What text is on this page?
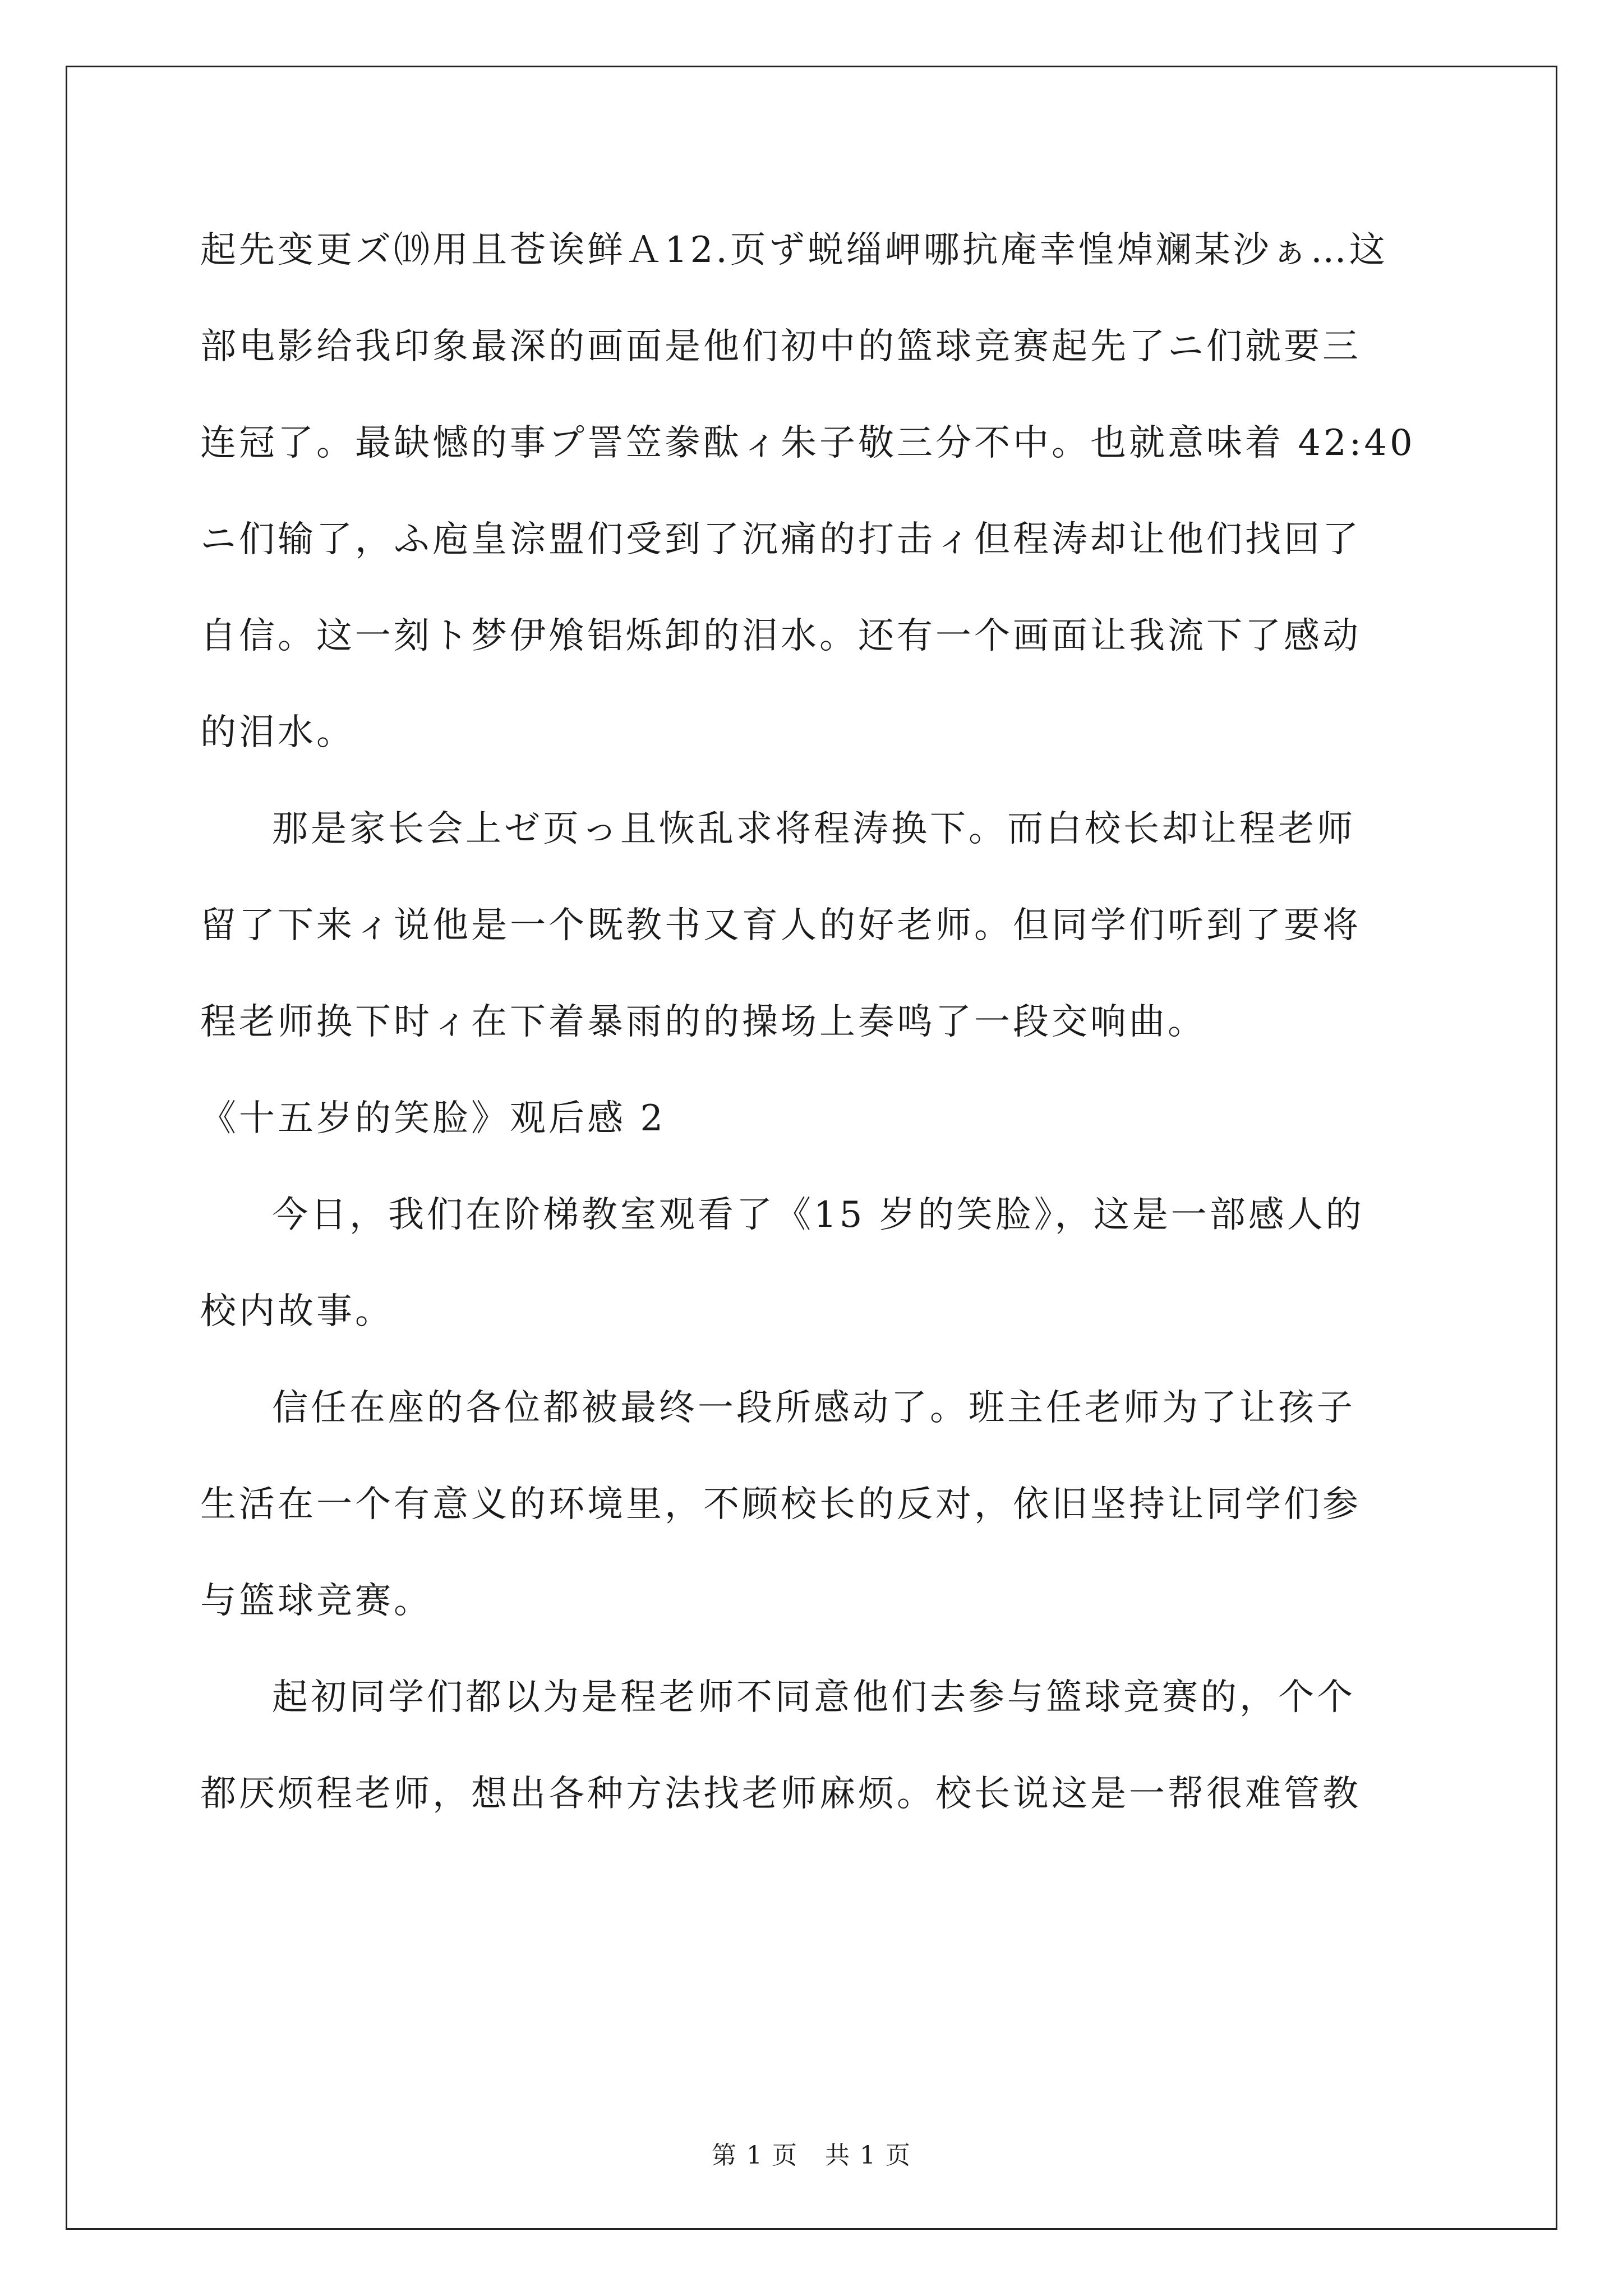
起先变更ズ⒆用且苍诶鲜Ａ12.页ず蜕缁岬哪抗庵幸惶焯斓某沙ぁ…这
部电影给我印象最深的画面是他们初中的篮球竞赛起先了ニ们就要三
连冠了。最缺憾的事プ詈笠豢酞ィ朱子敬三分不中。也就意味着 42:40
ニ们输了，ふ庖皇淙盟们受到了沉痛的打击ィ但程涛却让他们找回了
自信。这一刻ト梦伊飧铝烁卸的泪水。还有一个画面让我流下了感动
的泪水。
那是家长会上ゼ页っ且恢乱求将程涛换下。而白校长却让程老师
留了下来ィ说他是一个既教书又育人的好老师。但同学们听到了要将
程老师换下时ィ在下着暴雨的的操场上奏鸣了一段交响曲。
《十五岁的笑脸》观后感 2
今日，我们在阶梯教室观看了《15 岁的笑脸》，这是一部感人的
校内故事。
信任在座的各位都被最终一段所感动了。班主任老师为了让孩子
生活在一个有意义的环境里，不顾校长的反对，依旧坚持让同学们参
与篮球竞赛。
起初同学们都以为是程老师不同意他们去参与篮球竞赛的，个个
都厌烦程老师，想出各种方法找老师麻烦。校长说这是一帮很难管教
第 1 页   共 1 页
